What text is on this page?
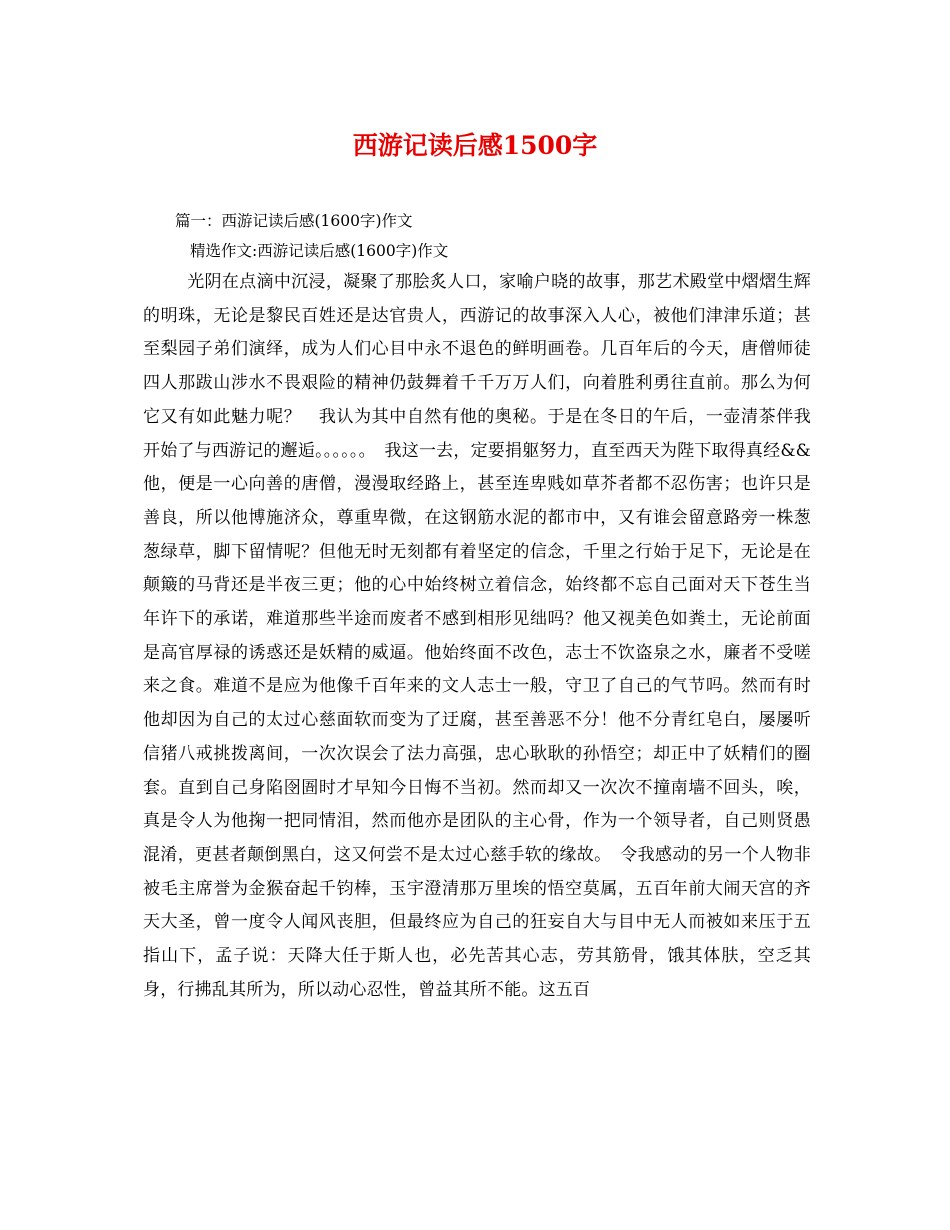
西游记读后感1500字
篇一：西游记读后感(1600字)作文
精选作文:西游记读后感(1600字)作文

光阴在点滴中沉浸，凝聚了那脍炙人口，家喻户晓的故事，那艺术殿堂中熠熠生辉的明珠，无论是黎民百姓还是达官贵人，西游记的故事深入人心，被他们津津乐道；甚至梨园子弟们演绎，成为人们心目中永不退色的鲜明画卷。几百年后的今天，唐僧师徒四人那跋山涉水不畏艰险的精神仍鼓舞着千千万万人们，向着胜利勇往直前。那么为何它又有如此魅力呢？　我认为其中自然有他的奥秘。于是在冬日的午后，一壶清茶伴我开始了与西游记的邂逅。。。。。。　我这一去，定要捐躯努力，直至西天为陛下取得真经&&他，便是一心向善的唐僧，漫漫取经路上，甚至连卑贱如草芥者都不忍伤害；也许只是善良，所以他博施济众，尊重卑微，在这钢筋水泥的都市中，又有谁会留意路旁一株葱葱绿草，脚下留情呢？但他无时无刻都有着坚定的信念，千里之行始于足下，无论是在颠簸的马背还是半夜三更；他的心中始终树立着信念，始终都不忘自己面对天下苍生当年许下的承诺，难道那些半途而废者不感到相形见绌吗？他又视美色如粪土，无论前面是高官厚禄的诱惑还是妖精的威逼。他始终面不改色，志士不饮盗泉之水，廉者不受嗟来之食。难道不是应为他像千百年来的文人志士一般，守卫了自己的气节吗。然而有时他却因为自己的太过心慈面软而变为了迂腐，甚至善恶不分！他不分青红皂白，屡屡听信猪八戒挑拨离间，一次次误会了法力高强，忠心耿耿的孙悟空；却正中了妖精们的圈套。直到自己身陷囹圄时才早知今日悔不当初。然而却又一次次不撞南墙不回头，唉，真是令人为他掬一把同情泪，然而他亦是团队的主心骨，作为一个领导者，自己则贤愚混淆，更甚者颠倒黑白，这又何尝不是太过心慈手软的缘故。　令我感动的另一个人物非被毛主席誉为金猴奋起千钧棒，玉宇澄清那万里埃的悟空莫属，五百年前大闹天宫的齐天大圣，曾一度令人闻风丧胆，但最终应为自己的狂妄自大与目中无人而被如来压于五指山下，孟子说：天降大任于斯人也，必先苦其心志，劳其筋骨，饿其体肤，空乏其身，行拂乱其所为，所以动心忍性，曾益其所不能。这五百
